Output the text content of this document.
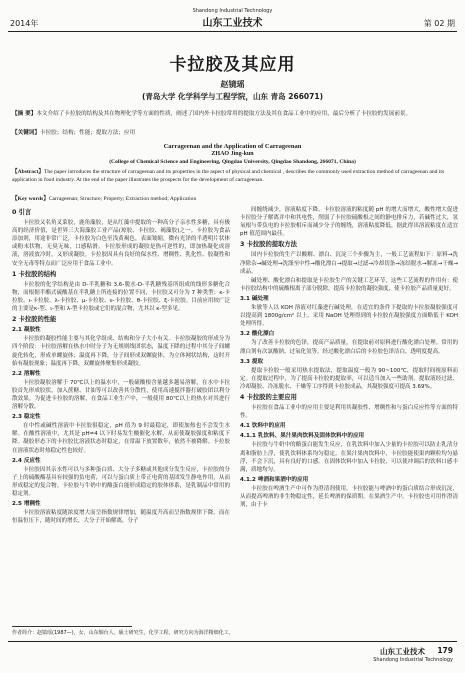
2014年
Shandong Industrial Technology
山东工业技术	第 02 期
卡拉胶及其应用
赵镜瑶
(青岛大学 化学科学与工程学院，山东 青岛 266071)
【摘 要】本文介绍了卡拉胶的结构及其在物理化学等方面的性质，阐述了国内外卡拉胶常用的提取方法及其在食品工业中的应用，最后分析了卡拉胶的发展前景。
【关键词】卡拉胶；结构；性能；提取方法；应用
Carrageenan and the Application of Carrageenan
ZHAO Jing-kun
(College of Chemical Science and Engineering, Qingdao University, Qingdao Shandong, 266071, China)
【Abstract】The paper introduces the structure of carrageenan and its properties in the aspect of physical and chemical , describes the commonly used extraction method of carrageenan and its application in food industry. At the end of the paper illustrates the prospects for the development of carrageenan.
【Key words】Carrageenan; Structure; Property; Extraction method; Application
0 引言

卡拉胶又名角叉菜胶，鹿角藻胶，是从红藻中提取的一种高分子亲水性多糖，具有极高的经济价值，是世界三大海藻胶工业产品(琼胶、卡拉胶、褐藻胶)之一。卡拉胶为食品添加剂，用途非常广泛，卡拉胶为白色至浅黄褐色，表面皱缩，微有光泽的半透明片状体或粉末状物，无臭无味，口感粘滑。卡拉胶形成的凝胶是热可逆性的，即加热凝化成溶液，溶液放冷时，又形成凝胶。卡拉胶因具有良好的保水性、增稠性、乳化性、胶凝性和安全无毒等特点而广泛应用于食品工业中。

1 卡拉胶的结构

卡拉胶的化学结构是由 D-半乳糖和 3,6-脱水-D-半乳糖残基所组成的线形多糖化合物，而根据半酯式硫酸基在半乳糖上所连接的位置不同，卡拉胶又可分为 7 种类型：κ-卡拉胶、ι-卡拉胶、λ-卡拉胶、μ-卡拉胶、ν-卡拉胶、θ-卡拉胶、ξ-卡拉胶。目前应用较广泛的主要是κ-型、ι-型和 λ-型卡拉胶或它们的混合物，尤其以 κ-型多见。

2 卡拉胶的性能
2.1 凝胶性

卡拉胶的凝胶性能主要与其化学组成、结构和分子大小有关。卡拉胶凝胶的形成分为四个阶段：卡拉胶溶解在热水中时分子为无规则线团状态，温度下降的过程中其分子间螺旋化转化，形成单螺旋体；温度再下降，分子间形成双螺旋体，为立体网状结构，这时开始有凝胶现象；温度再下降，双螺旋体聚集形成凝胶。

2.2 溶解性

卡拉胶凝胶溶解于 70℃以上的温水中，一般硫酸根含量越多越易溶解，在水中卡拉胶首先形成胶状，加入蔗糖、甘油等可以改善其分散性，使用高速搅拌器打破胶团以利分散效果。为促进卡拉胶的溶解，在食品工业生产中，一般使用 80℃以上的热水对其进行溶解分散。

2.3 稳定性

在中性或碱性溶液中卡拉胶很稳定，pH 值为 9 时最稳定，即使加热也不会发生水解。在酸性溶液中，尤其是 pH=4 以下时易发生酸催化水解，从而使凝胶强度和粘度下降。凝胶形态下的卡拉胶比溶液状态时稳定，在常温下放置数年，依然不被降解。卡拉胶在溶液状态时热稳定性也较好。

2.4 反应性

卡拉胶因其亲水性可以与多种蛋白质、大分子多糖或其他成分发生反应，卡拉胶的分子上的硫酸酯基具有较强的负电荷，可以与蛋白质上带正电荷的基团发生静电作用，从而形成稳定的复合物。卡拉胶与牛奶中的酪蛋白能形成稳定的胶体体系，是乳制品中常用的稳定剂。

2.5 增稠性

卡拉胶溶液粘度随浓度增大而呈指数规律增加，随温度升高而呈指数规律下降。而在恒温恒压下，随时间的增长，大分子开始解离，分子

间缠绕减少，溶液粘度下降。卡拉胶溶液的粘度随 pH 的增大而增大，酸性增大促进卡拉胶分子解离并中和其电性，削弱了卡拉胶硫酸根之间的静电排斥力，若碱性过大，氢氧根与带负电的卡拉胶相斥而减少分子的缠绕，溶液粘度降低，据此得出溶液粘度在适宜 pH 值范围内最佳。

3 卡拉胶的提取方法

国内卡拉胶的生产以酸解、漂白、沉淀三个步骤为主，一般工艺流程如下：原料→洗净除杂→碱处理→洗涤至中性→酸化漂白→提取→过滤→冷却切条→冻结脱水→解冻→干燥→成品。

碱处理、酸化漂白和提取是卡拉胶生产的关键工艺环节，这些工艺流程的作用有：使卡拉胶结构中的硫酸根离子部分脱除，提高卡拉胶的凝胶强度，使卡拉胶产品质量更好。

3.1 碱处理

朱敏等人以 KOH 溶液对红藻进行碱处理，在适宜的条件下提取的卡拉胶凝胶强度可以提高到 1800g/cm² 以上。采用 NaOH 处理得到的卡拉胶在凝胶强度方面略低于 KOH 处理所得。

3.2 酸化漂白

为了改善卡拉胶的色泽，提高产品质量，在提取前对原料进行酸化漂白处理。常用的漂白剂有次氯酸钠、过氧化氢等。经过酸化漂白后的卡拉胶色泽洁白，透明度提高。

3.3 提取

提取卡拉胶一般采用热水提取法，提取温度一般为 90~100℃，提取时间视原料而定。在提取过程中，为了提高卡拉胶的提取率，可以适当加入一些助剂。提取液经过滤、冷却凝胶、冷冻脱水、干燥等工序得到卡拉胶成品，其凝胶强度可提高 3.69%。

4 卡拉胶的主要应用

卡拉胶在食品工业中的应用主要是利用其凝胶性、增稠性和与蛋白反应性等方面的特性。

4.1 饮料中的应用
4.1.1 乳饮料、果汁果肉饮料及固体饮料中的应用

卡拉胶与牛奶中的酪蛋白能发生反应，在乳饮料中加入少量的卡拉胶可以防止乳清分离和脂肪上浮，使乳饮料体系均匀稳定。在果汁果肉饮料中，卡拉胶能使果肉颗粒均匀悬浮，不会下沉，具有良好的口感。在固体饮料中加入卡拉胶，可以使冲调后的饮料口感丰满，质地均匀。

4.1.2 啤酒和果酒中的应用

卡拉胶在啤酒生产中可作为澄清剂使用，卡拉胶能与啤酒中的蛋白质结合形成沉淀，从而提高啤酒的非生物稳定性，延长啤酒的保质期。在果酒生产中，卡拉胶也可用作澄清剂，由于卡

作者简介：赵镜瑶(1987—)，女，山东烟台人，硕士研究生，化学工程，研究方向为海洋精细化工。
山东工业技术 179
Shandong Industrial Technology
